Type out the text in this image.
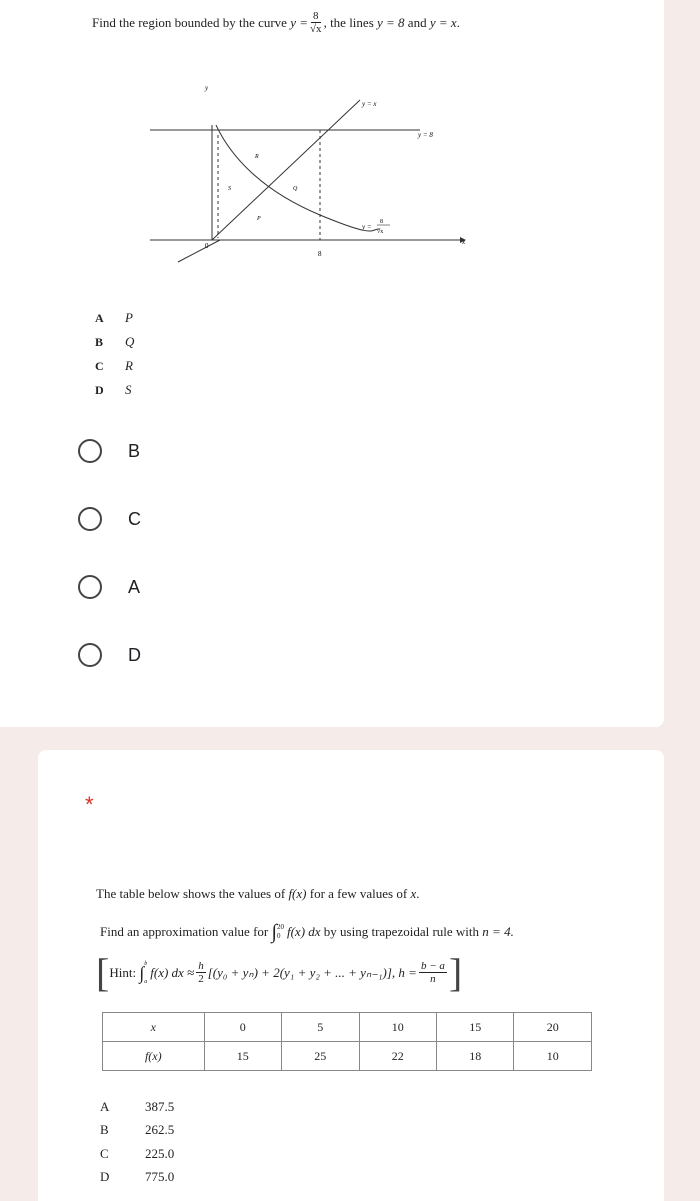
Find the region bounded by the curve
$y = \frac{8}{√x}$ , the lines
y = 8
and
y = x .
y
x
0
8
y = x
y = 8
y =
8
√x
R
S	Q
P
A	P
B	Q
C	R
D	S
B
C
A
D
*
The table below shows the values of
f(x)
for a few values of
x .
Find an approximation value for
∫ 20
0 f(x) dx
by using trapezoidal rule with
n = 4.
[ Hint:
∫ b
a
f(x) dx ≈ $\frac{h}{2} [(y_0 + y_n) + 2(y_1 + y_2$ + ... + yₙ₋₁)],
$h = \frac{b - a}{n}$ ]
x	0	5	10	15	20
f(x)	15	25	22	18	10
A	387.5
B	262.5
C	225.0
D	775.0
